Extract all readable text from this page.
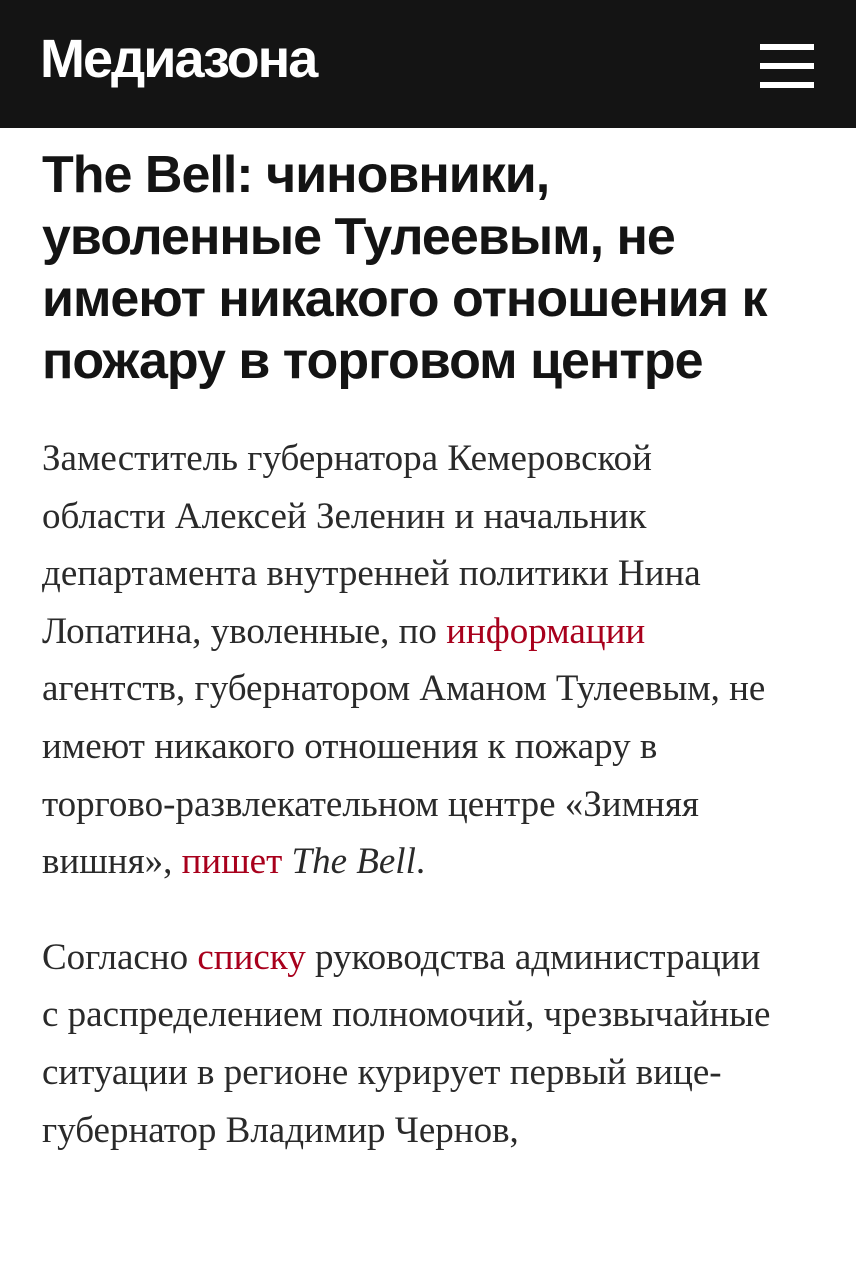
Медиазона
The Bell: чиновники, уволенные Тулеевым, не имеют никакого отношения к пожару в торговом центре

Заместитель губернатора Кемеровской области Алексей Зеленин и начальник департамента внутренней политики Нина Лопатина, уволенные, по информации агентств, губернатором Аманом Тулеевым, не имеют никакого отношения к пожару в торгово-развлекательном центре «Зимняя вишня», пишет The Bell.

Согласно списку руководства администрации с распределением полномочий, чрезвычайные ситуации в регионе курирует первый вице-губернатор Владимир Чернов,
